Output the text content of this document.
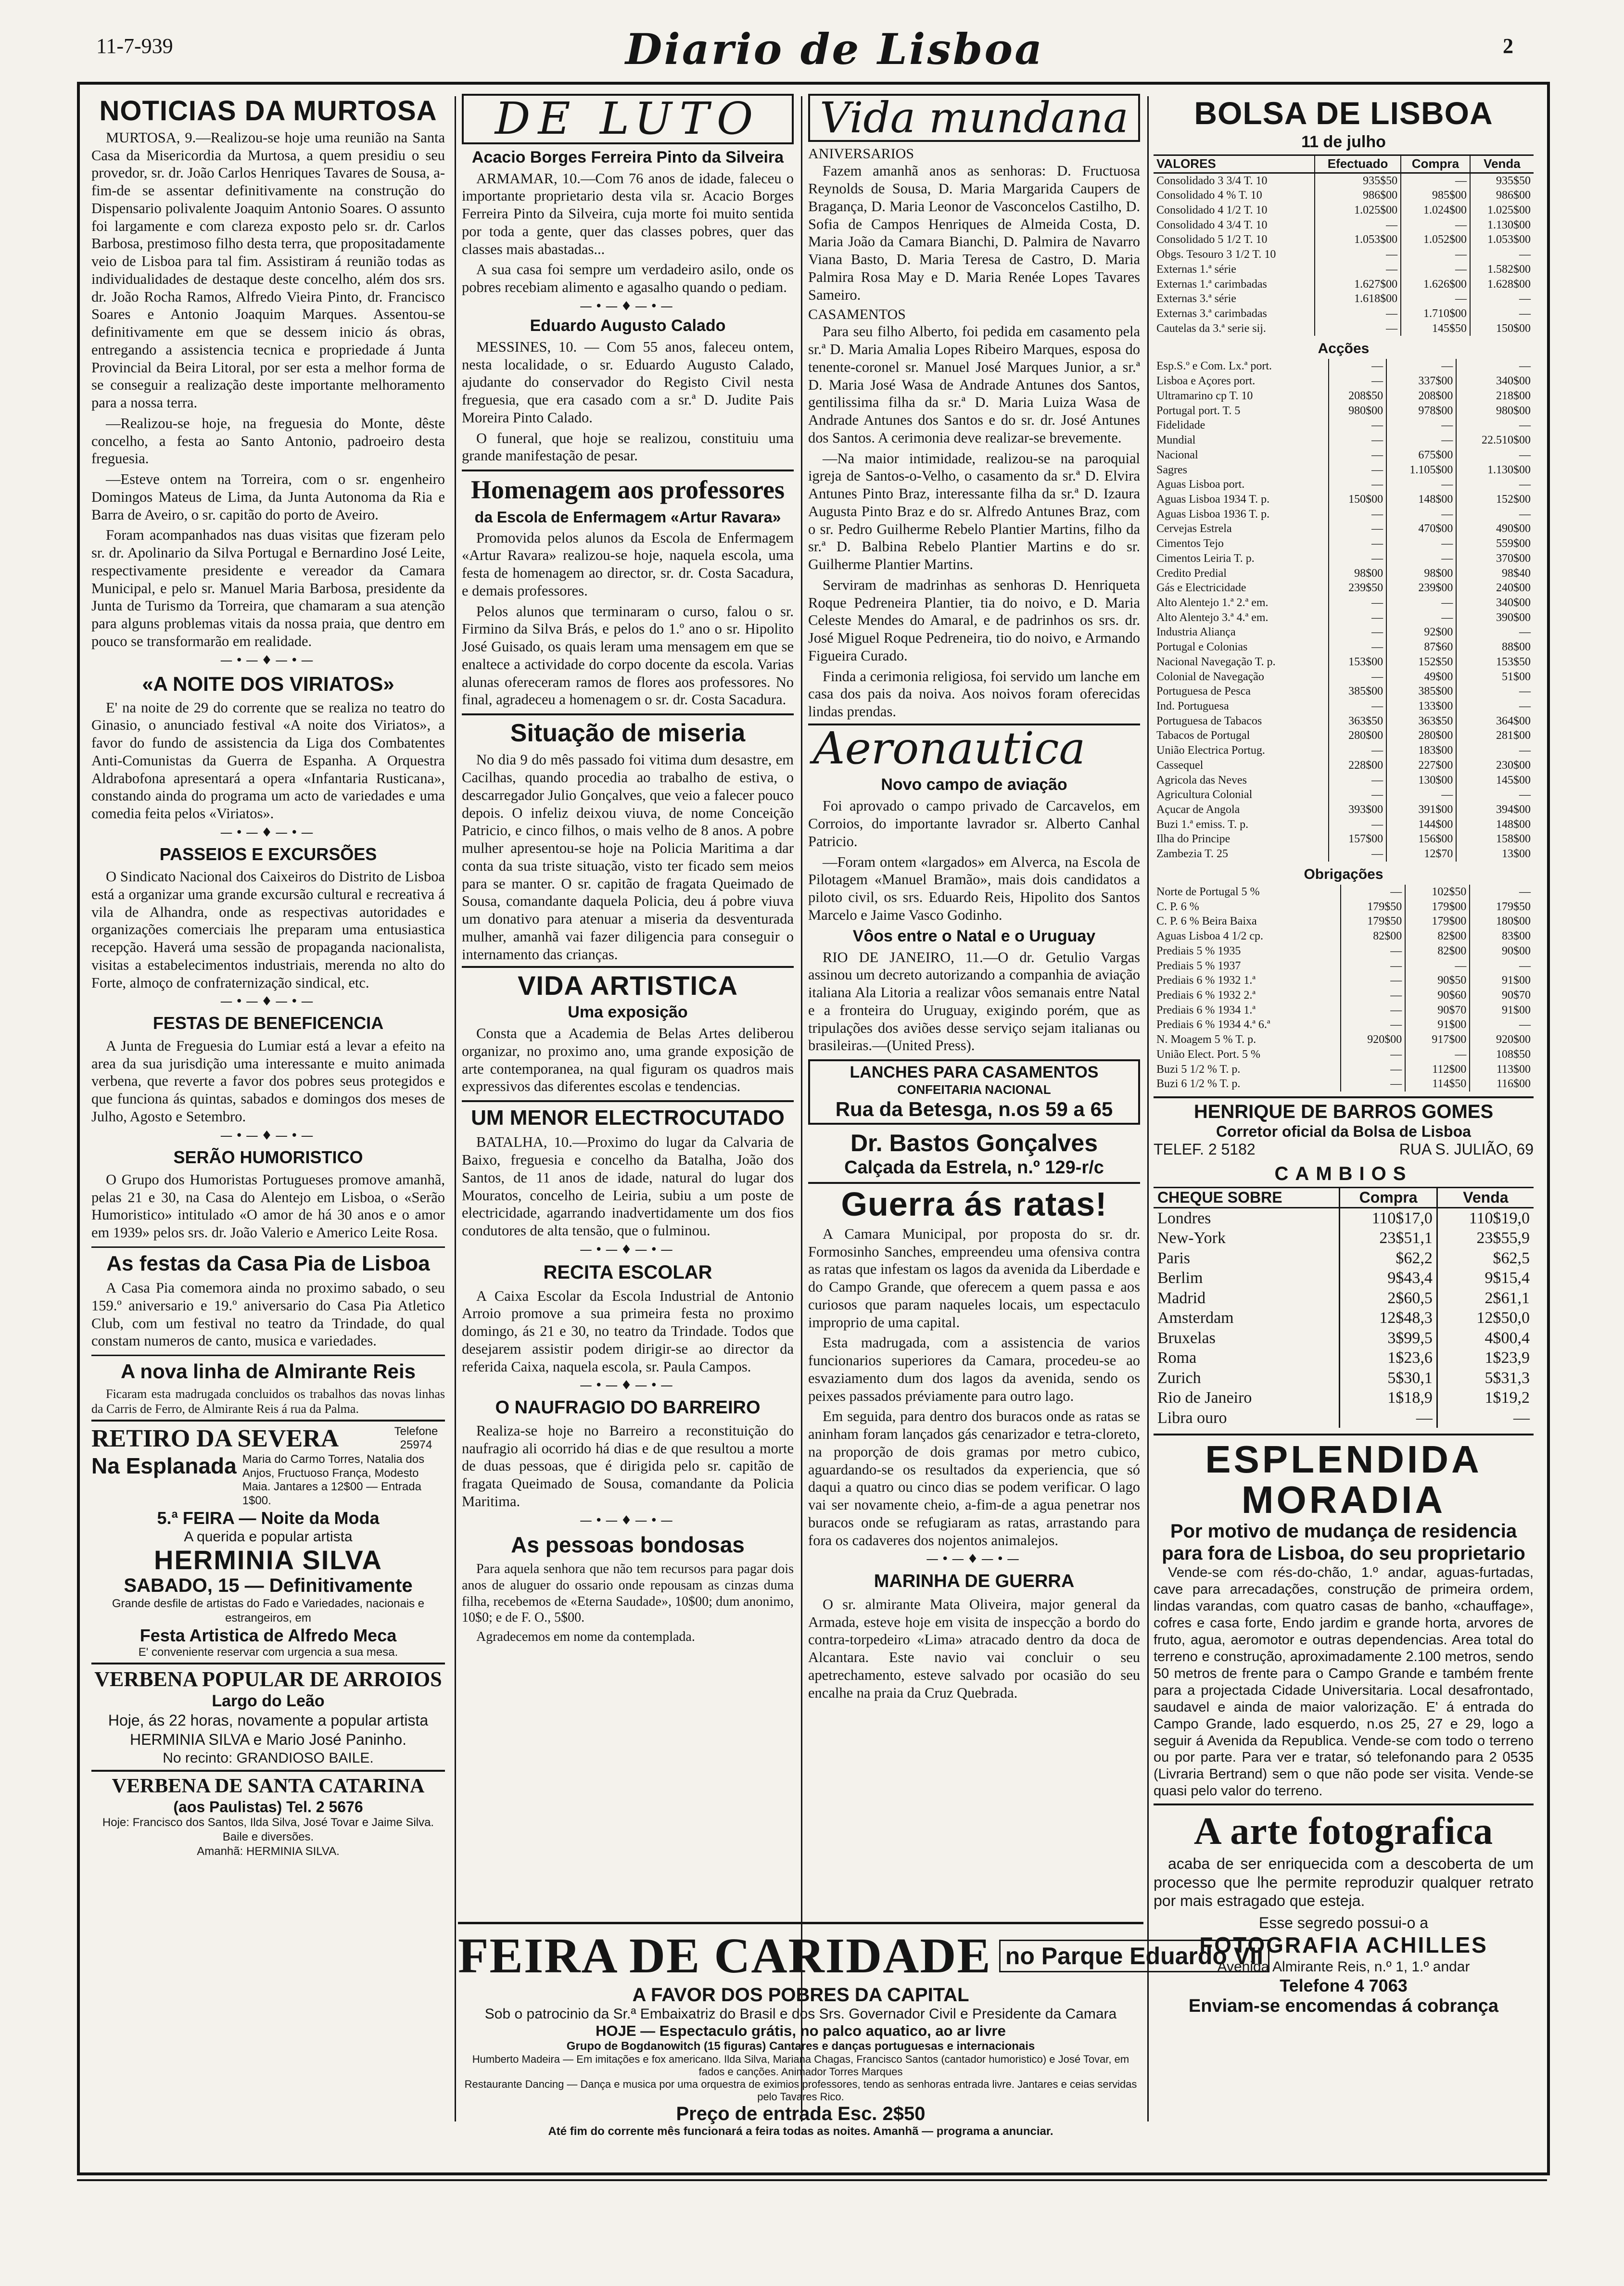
11-7-939	Diario de Lisboa	2
NOTICIAS DA MURTOSA

MURTOSA, 9.—Realizou-se hoje uma reunião na Santa Casa da Misericordia da Murtosa, a quem presidiu o seu provedor, sr. dr. João Carlos Henriques Tavares de Sousa, a-fim-de se assentar definitivamente na construção do Dispensario polivalente Joaquim Antonio Soares. O assunto foi largamente e com clareza exposto pelo sr. dr. Carlos Barbosa, prestimoso filho desta terra, que propositadamente veio de Lisboa para tal fim. Assistiram á reunião todas as individualidades de destaque deste concelho, além dos srs. dr. João Rocha Ramos, Alfredo Vieira Pinto, dr. Francisco Soares e Antonio Joaquim Marques. Assentou-se definitivamente em que se dessem inicio ás obras, entregando a assistencia tecnica e propriedade á Junta Provincial da Beira Litoral, por ser esta a melhor forma de se conseguir a realização deste importante melhoramento para a nossa terra.

—Realizou-se hoje, na freguesia do Monte, dêste concelho, a festa ao Santo Antonio, padroeiro desta freguesia.

—Esteve ontem na Torreira, com o sr. engenheiro Domingos Mateus de Lima, da Junta Autonoma da Ria e Barra de Aveiro, o sr. capitão do porto de Aveiro.

Foram acompanhados nas duas visitas que fizeram pelo sr. dr. Apolinario da Silva Portugal e Bernardino José Leite, respectivamente presidente e vereador da Camara Municipal, e pelo sr. Manuel Maria Barbosa, presidente da Junta de Turismo da Torreira, que chamaram a sua atenção para alguns problemas vitais da nossa praia, que dentro em pouco se transformarão em realidade.

—•—♦—•—
«A NOITE DOS VIRIATOS»

E' na noite de 29 do corrente que se realiza no teatro do Ginasio, o anunciado festival «A noite dos Viriatos», a favor do fundo de assistencia da Liga dos Combatentes Anti-Comunistas da Guerra de Espanha. A Orquestra Aldrabofona apresentará a opera «Infantaria Rusticana», constando ainda do programa um acto de variedades e uma comedia feita pelos «Viriatos».

—•—♦—•—
PASSEIOS E EXCURSÕES

O Sindicato Nacional dos Caixeiros do Distrito de Lisboa está a organizar uma grande excursão cultural e recreativa á vila de Alhandra, onde as respectivas autoridades e organizações comerciais lhe preparam uma entusiastica recepção. Haverá uma sessão de propaganda nacionalista, visitas a estabelecimentos industriais, merenda no alto do Forte, almoço de confraternização sindical, etc.

—•—♦—•—
FESTAS DE BENEFICENCIA

A Junta de Freguesia do Lumiar está a levar a efeito na area da sua jurisdição uma interessante e muito animada verbena, que reverte a favor dos pobres seus protegidos e que funciona ás quintas, sabados e domingos dos meses de Julho, Agosto e Setembro.

—•—♦—•—
SERÃO HUMORISTICO

O Grupo dos Humoristas Portugueses promove amanhã, pelas 21 e 30, na Casa do Alentejo em Lisboa, o «Serão Humoristico» intitulado «O amor de há 30 anos e o amor em 1939» pelos srs. dr. João Valerio e Americo Leite Rosa.

As festas da Casa Pia de Lisboa

A Casa Pia comemora ainda no proximo sabado, o seu 159.º aniversario e 19.º aniversario do Casa Pia Atletico Club, com um festival no teatro da Trindade, do qual constam numeros de canto, musica e variedades.

A nova linha de Almirante Reis

Ficaram esta madrugada concluidos os trabalhos das novas linhas da Carris de Ferro, de Almirante Reis á rua da Palma.

RETIRO DA SEVERA	Telefone 25974
Na Esplanada Maria do Carmo Torres, Natalia dos Anjos, Fructuoso França, Modesto Maia. Jantares a 12$00 — Entrada 1$00.
5.ª FEIRA — Noite da Moda
A querida e popular artista
HERMINIA SILVA
SABADO, 15 — Definitivamente
Grande desfile de artistas do Fado e Variedades, nacionais e estrangeiros, em
Festa Artistica de Alfredo Meca
E' conveniente reservar com urgencia a sua mesa.
VERBENA POPULAR DE ARROIOS
Largo do Leão
Hoje, ás 22 horas, novamente a popular artista HERMINIA SILVA e Mario José Paninho.
No recinto: GRANDIOSO BAILE.
VERBENA DE SANTA CATARINA
(aos Paulistas) Tel. 2 5676
Hoje: Francisco dos Santos, Ilda Silva, José Tovar e Jaime Silva. Baile e diversões.
Amanhã: HERMINIA SILVA.
DE LUTO
Acacio Borges Ferreira Pinto da Silveira

ARMAMAR, 10.—Com 76 anos de idade, faleceu o importante proprietario desta vila sr. Acacio Borges Ferreira Pinto da Silveira, cuja morte foi muito sentida por toda a gente, quer das classes pobres, quer das classes mais abastadas...

A sua casa foi sempre um verdadeiro asilo, onde os pobres recebiam alimento e agasalho quando o pediam.

—•—♦—•—
Eduardo Augusto Calado

MESSINES, 10. — Com 55 anos, faleceu ontem, nesta localidade, o sr. Eduardo Augusto Calado, ajudante do conservador do Registo Civil nesta freguesia, que era casado com a sr.ª D. Judite Pais Moreira Pinto Calado.

O funeral, que hoje se realizou, constituiu uma grande manifestação de pesar.

Homenagem aos professores
da Escola de Enfermagem «Artur Ravara»

Promovida pelos alunos da Escola de Enfermagem «Artur Ravara» realizou-se hoje, naquela escola, uma festa de homenagem ao director, sr. dr. Costa Sacadura, e demais professores.

Pelos alunos que terminaram o curso, falou o sr. Firmino da Silva Brás, e pelos do 1.º ano o sr. Hipolito José Guisado, os quais leram uma mensagem em que se enaltece a actividade do corpo docente da escola. Varias alunas ofereceram ramos de flores aos professores. No final, agradeceu a homenagem o sr. dr. Costa Sacadura.

Situação de miseria

No dia 9 do mês passado foi vitima dum desastre, em Cacilhas, quando procedia ao trabalho de estiva, o descarregador Julio Gonçalves, que veio a falecer pouco depois. O infeliz deixou viuva, de nome Conceição Patricio, e cinco filhos, o mais velho de 8 anos. A pobre mulher apresentou-se hoje na Policia Maritima a dar conta da sua triste situação, visto ter ficado sem meios para se manter. O sr. capitão de fragata Queimado de Sousa, comandante daquela Policia, deu á pobre viuva um donativo para atenuar a miseria da desventurada mulher, amanhã vai fazer diligencia para conseguir o internamento das crianças.

VIDA ARTISTICA
Uma exposição

Consta que a Academia de Belas Artes deliberou organizar, no proximo ano, uma grande exposição de arte contemporanea, na qual figuram os quadros mais expressivos das diferentes escolas e tendencias.

UM MENOR ELECTROCUTADO

BATALHA, 10.—Proximo do lugar da Calvaria de Baixo, freguesia e concelho da Batalha, João dos Santos, de 11 anos de idade, natural do lugar dos Mouratos, concelho de Leiria, subiu a um poste de electricidade, agarrando inadvertidamente um dos fios condutores de alta tensão, que o fulminou.

—•—♦—•—
RECITA ESCOLAR

A Caixa Escolar da Escola Industrial de Antonio Arroio promove a sua primeira festa no proximo domingo, ás 21 e 30, no teatro da Trindade. Todos que desejarem assistir podem dirigir-se ao director da referida Caixa, naquela escola, sr. Paula Campos.

—•—♦—•—
O NAUFRAGIO DO BARREIRO

Realiza-se hoje no Barreiro a reconstituição do naufragio ali ocorrido há dias e de que resultou a morte de duas pessoas, que é dirigida pelo sr. capitão de fragata Queimado de Sousa, comandante da Policia Maritima.

—•—♦—•—
As pessoas bondosas

Para aquela senhora que não tem recursos para pagar dois anos de aluguer do ossario onde repousam as cinzas duma filha, recebemos de «Eterna Saudade», 10$00; dum anonimo, 10$0; e de F. O., 5$00.

Agradecemos em nome da contemplada.

Vida mundana
ANIVERSARIOS

Fazem amanhã anos as senhoras: D. Fructuosa Reynolds de Sousa, D. Maria Margarida Caupers de Bragança, D. Maria Leonor de Vasconcelos Castilho, D. Sofia de Campos Henriques de Almeida Costa, D. Maria João da Camara Bianchi, D. Palmira de Navarro Viana Basto, D. Maria Teresa de Castro, D. Maria Palmira Rosa May e D. Maria Renée Lopes Tavares Sameiro.

CASAMENTOS

Para seu filho Alberto, foi pedida em casamento pela sr.ª D. Maria Amalia Lopes Ribeiro Marques, esposa do tenente-coronel sr. Manuel José Marques Junior, a sr.ª D. Maria José Wasa de Andrade Antunes dos Santos, gentilissima filha da sr.ª D. Maria Luiza Wasa de Andrade Antunes dos Santos e do sr. dr. José Antunes dos Santos. A cerimonia deve realizar-se brevemente.

—Na maior intimidade, realizou-se na paroquial igreja de Santos-o-Velho, o casamento da sr.ª D. Elvira Antunes Pinto Braz, interessante filha da sr.ª D. Izaura Augusta Pinto Braz e do sr. Alfredo Antunes Braz, com o sr. Pedro Guilherme Rebelo Plantier Martins, filho da sr.ª D. Balbina Rebelo Plantier Martins e do sr. Guilherme Plantier Martins.

Serviram de madrinhas as senhoras D. Henriqueta Roque Pedreneira Plantier, tia do noivo, e D. Maria Celeste Mendes do Amaral, e de padrinhos os srs. dr. José Miguel Roque Pedreneira, tio do noivo, e Armando Figueira Curado.

Finda a cerimonia religiosa, foi servido um lanche em casa dos pais da noiva. Aos noivos foram oferecidas lindas prendas.

Aeronautica
Novo campo de aviação

Foi aprovado o campo privado de Carcavelos, em Corroios, do importante lavrador sr. Alberto Canhal Patricio.

—Foram ontem «largados» em Alverca, na Escola de Pilotagem «Manuel Bramão», mais dois candidatos a piloto civil, os srs. Eduardo Reis, Hipolito dos Santos Marcelo e Jaime Vasco Godinho.

Vôos entre o Natal e o Uruguay

RIO DE JANEIRO, 11.—O dr. Getulio Vargas assinou um decreto autorizando a companhia de aviação italiana Ala Litoria a realizar vôos semanais entre Natal e a fronteira do Uruguay, exigindo porém, que as tripulações dos aviões desse serviço sejam italianas ou brasileiras.—(United Press).

LANCHES PARA CASAMENTOS
CONFEITARIA NACIONAL
Rua da Betesga, n.os 59 a 65
Dr. Bastos Gonçalves
Calçada da Estrela, n.º 129-r/c
Guerra ás ratas!

A Camara Municipal, por proposta do sr. dr. Formosinho Sanches, empreendeu uma ofensiva contra as ratas que infestam os lagos da avenida da Liberdade e do Campo Grande, que oferecem a quem passa e aos curiosos que param naqueles locais, um espectaculo improprio de uma capital.

Esta madrugada, com a assistencia de varios funcionarios superiores da Camara, procedeu-se ao esvaziamento dum dos lagos da avenida, sendo os peixes passados préviamente para outro lago.

Em seguida, para dentro dos buracos onde as ratas se aninham foram lançados gás cenarizador e tetra-cloreto, na proporção de dois gramas por metro cubico, aguardando-se os resultados da experiencia, que só daqui a quatro ou cinco dias se podem verificar. O lago vai ser novamente cheio, a-fim-de a agua penetrar nos buracos onde se refugiaram as ratas, arrastando para fora os cadaveres dos nojentos animalejos.

—•—♦—•—
MARINHA DE GUERRA

O sr. almirante Mata Oliveira, major general da Armada, esteve hoje em visita de inspecção a bordo do contra-torpedeiro «Lima» atracado dentro da doca de Alcantara. Este navio vai concluir o seu apetrechamento, esteve salvado por ocasião do seu encalhe na praia da Cruz Quebrada.

BOLSA DE LISBOA
11 de julho
VALORES	Efectuado	Compra	Venda
Consolidado 3 3/4 T. 10	935$50	—	935$50
Consolidado 4 % T. 10	986$00	985$00	986$00
Consolidado 4 1/2 T. 10	1.025$00	1.024$00	1.025$00
Consolidado 4 3/4 T. 10	—	—	1.130$00
Consolidado 5 1/2 T. 10	1.053$00	1.052$00	1.053$00
Obgs. Tesouro 3 1/2 T. 10	—	—	—
Externas 1.ª série	—	—	1.582$00
Externas 1.ª carimbadas	1.627$00	1.626$00	1.628$00
Externas 3.ª série	1.618$00	—	—
Externas 3.ª carimbadas	—	1.710$00	—
Cautelas da 3.ª serie sij.	—	145$50	150$00
Acções
Esp.S.º e Com. Lx.ª port.	—	—	—
Lisboa e Açores port.	—	337$00	340$00
Ultramarino cp T. 10	208$50	208$00	218$00
Portugal port. T. 5	980$00	978$00	980$00
Fidelidade	—	—	—
Mundial	—	—	22.510$00
Nacional	—	675$00	—
Sagres	—	1.105$00	1.130$00
Aguas Lisboa port.	—	—	—
Aguas Lisboa 1934 T. p.	150$00	148$00	152$00
Aguas Lisboa 1936 T. p.	—	—	—
Cervejas Estrela	—	470$00	490$00
Cimentos Tejo	—	—	559$00
Cimentos Leiria T. p.	—	—	370$00
Credito Predial	98$00	98$00	98$40
Gás e Electricidade	239$50	239$00	240$00
Alto Alentejo 1.ª 2.ª em.	—	—	340$00
Alto Alentejo 3.ª 4.ª em.	—	—	390$00
Industria Aliança	—	92$00	—
Portugal e Colonias	—	87$60	88$00
Nacional Navegação T. p.	153$00	152$50	153$50
Colonial de Navegação	—	49$00	51$00
Portuguesa de Pesca	385$00	385$00	—
Ind. Portuguesa	—	133$00	—
Portuguesa de Tabacos	363$50	363$50	364$00
Tabacos de Portugal	280$00	280$00	281$00
União Electrica Portug.	—	183$00	—
Cassequel	228$00	227$00	230$00
Agricola das Neves	—	130$00	145$00
Agricultura Colonial	—	—	—
Açucar de Angola	393$00	391$00	394$00
Buzi 1.ª emiss. T. p.	—	144$00	148$00
Ilha do Principe	157$00	156$00	158$00
Zambezia T. 25	—	12$70	13$00
Obrigações
Norte de Portugal 5 %	—	102$50	—
C. P. 6 %	179$50	179$00	179$50
C. P. 6 % Beira Baixa	179$50	179$00	180$00
Aguas Lisboa 4 1/2 cp.	82$00	82$00	83$00
Prediais 5 % 1935	—	82$00	90$00
Prediais 5 % 1937	—	—	—
Prediais 6 % 1932 1.ª	—	90$50	91$00
Prediais 6 % 1932 2.ª	—	90$60	90$70
Prediais 6 % 1934 1.ª	—	90$70	91$00
Prediais 6 % 1934 4.ª 6.ª	—	91$00	—
N. Moagem 5 % T. p.	920$00	917$00	920$00
União Elect. Port. 5 %	—	—	108$50
Buzi 5 1/2 % T. p.	—	112$00	113$00
Buzi 6 1/2 % T. p.	—	114$50	116$00
HENRIQUE DE BARROS GOMES
Corretor oficial da Bolsa de Lisboa
TELEF. 2 5182	RUA S. JULIÃO, 69
CAMBIOS
CHEQUE SOBRE	Compra	Venda
Londres	110$17,0	110$19,0
New-York	23$51,1	23$55,9
Paris	$62,2	$62,5
Berlim	9$43,4	9$15,4
Madrid	2$60,5	2$61,1
Amsterdam	12$48,3	12$50,0
Bruxelas	3$99,5	4$00,4
Roma	1$23,6	1$23,9
Zurich	5$30,1	5$31,3
Rio de Janeiro	1$18,9	1$19,2
Libra ouro	—	—
ESPLENDIDA
MORADIA
Por motivo de mudança de residencia para fora de Lisboa, do seu proprietario

Vende-se com rés-do-chão, 1.º andar, aguas-furtadas, cave para arrecadações, construção de primeira ordem, lindas varandas, com quatro casas de banho, «chauffage», cofres e casa forte, Endo jardim e grande horta, arvores de fruto, agua, aeromotor e outras dependencias. Area total do terreno e construção, aproximadamente 2.100 metros, sendo 50 metros de frente para o Campo Grande e também frente para a projectada Cidade Universitaria. Local desafrontado, saudavel e ainda de maior valorização. E' á entrada do Campo Grande, lado esquerdo, n.os 25, 27 e 29, logo a seguir á Avenida da Republica. Vende-se com todo o terreno ou por parte. Para ver e tratar, só telefonando para 2 0535 (Livraria Bertrand) sem o que não pode ser visita. Vende-se quasi pelo valor do terreno.

A arte fotografica

acaba de ser enriquecida com a descoberta de um processo que lhe permite reproduzir qualquer retrato por mais estragado que esteja.

Esse segredo possui-o a
FOTOGRAFIA ACHILLES
Avenida Almirante Reis, n.º 1, 1.º andar
Telefone 4 7063
Enviam-se encomendas á cobrança
FEIRA DE CARIDADE no Parque Eduardo VII
A FAVOR DOS POBRES DA CAPITAL
Sob o patrocinio da Sr.ª Embaixatriz do Brasil e dos Srs. Governador Civil e Presidente da Camara
HOJE — Espectaculo grátis, no palco aquatico, ao ar livre
Grupo de Bogdanowitch (15 figuras) Cantares e danças portuguesas e internacionais
Humberto Madeira — Em imitações e fox americano. Ilda Silva, Mariana Chagas, Francisco Santos (cantador humoristico) e José Tovar, em fados e canções. Animador Torres Marques
Restaurante Dancing — Dança e musica por uma orquestra de eximios professores, tendo as senhoras entrada livre. Jantares e ceias servidas pelo Tavares Rico.
Preço de entrada Esc. 2$50
Até fim do corrente mês funcionará a feira todas as noites. Amanhã — programa a anunciar.
